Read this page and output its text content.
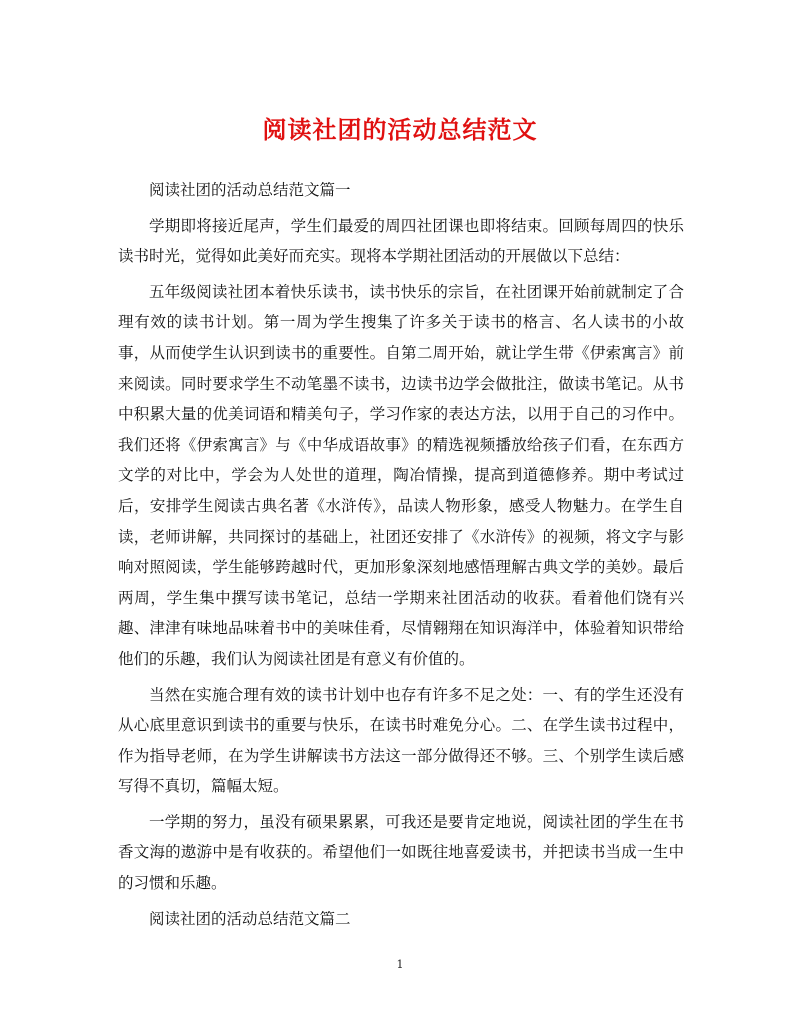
阅读社团的活动总结范文

阅读社团的活动总结范文篇一

学期即将接近尾声，学生们最爱的周四社团课也即将结束。回顾每周四的快乐读书时光，觉得如此美好而充实。现将本学期社团活动的开展做以下总结：

五年级阅读社团本着快乐读书，读书快乐的宗旨，在社团课开始前就制定了合理有效的读书计划。第一周为学生搜集了许多关于读书的格言、名人读书的小故事，从而使学生认识到读书的重要性。自第二周开始，就让学生带《伊索寓言》前来阅读。同时要求学生不动笔墨不读书，边读书边学会做批注，做读书笔记。从书中积累大量的优美词语和精美句子，学习作家的表达方法，以用于自己的习作中。我们还将《伊索寓言》与《中华成语故事》的精选视频播放给孩子们看，在东西方文学的对比中，学会为人处世的道理，陶冶情操，提高到道德修养。期中考试过后，安排学生阅读古典名著《水浒传》，品读人物形象，感受人物魅力。在学生自读，老师讲解，共同探讨的基础上，社团还安排了《水浒传》的视频，将文字与影响对照阅读，学生能够跨越时代，更加形象深刻地感悟理解古典文学的美妙。最后两周，学生集中撰写读书笔记，总结一学期来社团活动的收获。看着他们饶有兴趣、津津有味地品味着书中的美味佳肴，尽情翱翔在知识海洋中，体验着知识带给他们的乐趣，我们认为阅读社团是有意义有价值的。

当然在实施合理有效的读书计划中也存有许多不足之处：一、有的学生还没有从心底里意识到读书的重要与快乐，在读书时难免分心。二、在学生读书过程中，作为指导老师，在为学生讲解读书方法这一部分做得还不够。三、个别学生读后感写得不真切，篇幅太短。

一学期的努力，虽没有硕果累累，可我还是要肯定地说，阅读社团的学生在书香文海的遨游中是有收获的。希望他们一如既往地喜爱读书，并把读书当成一生中的习惯和乐趣。

阅读社团的活动总结范文篇二

1
